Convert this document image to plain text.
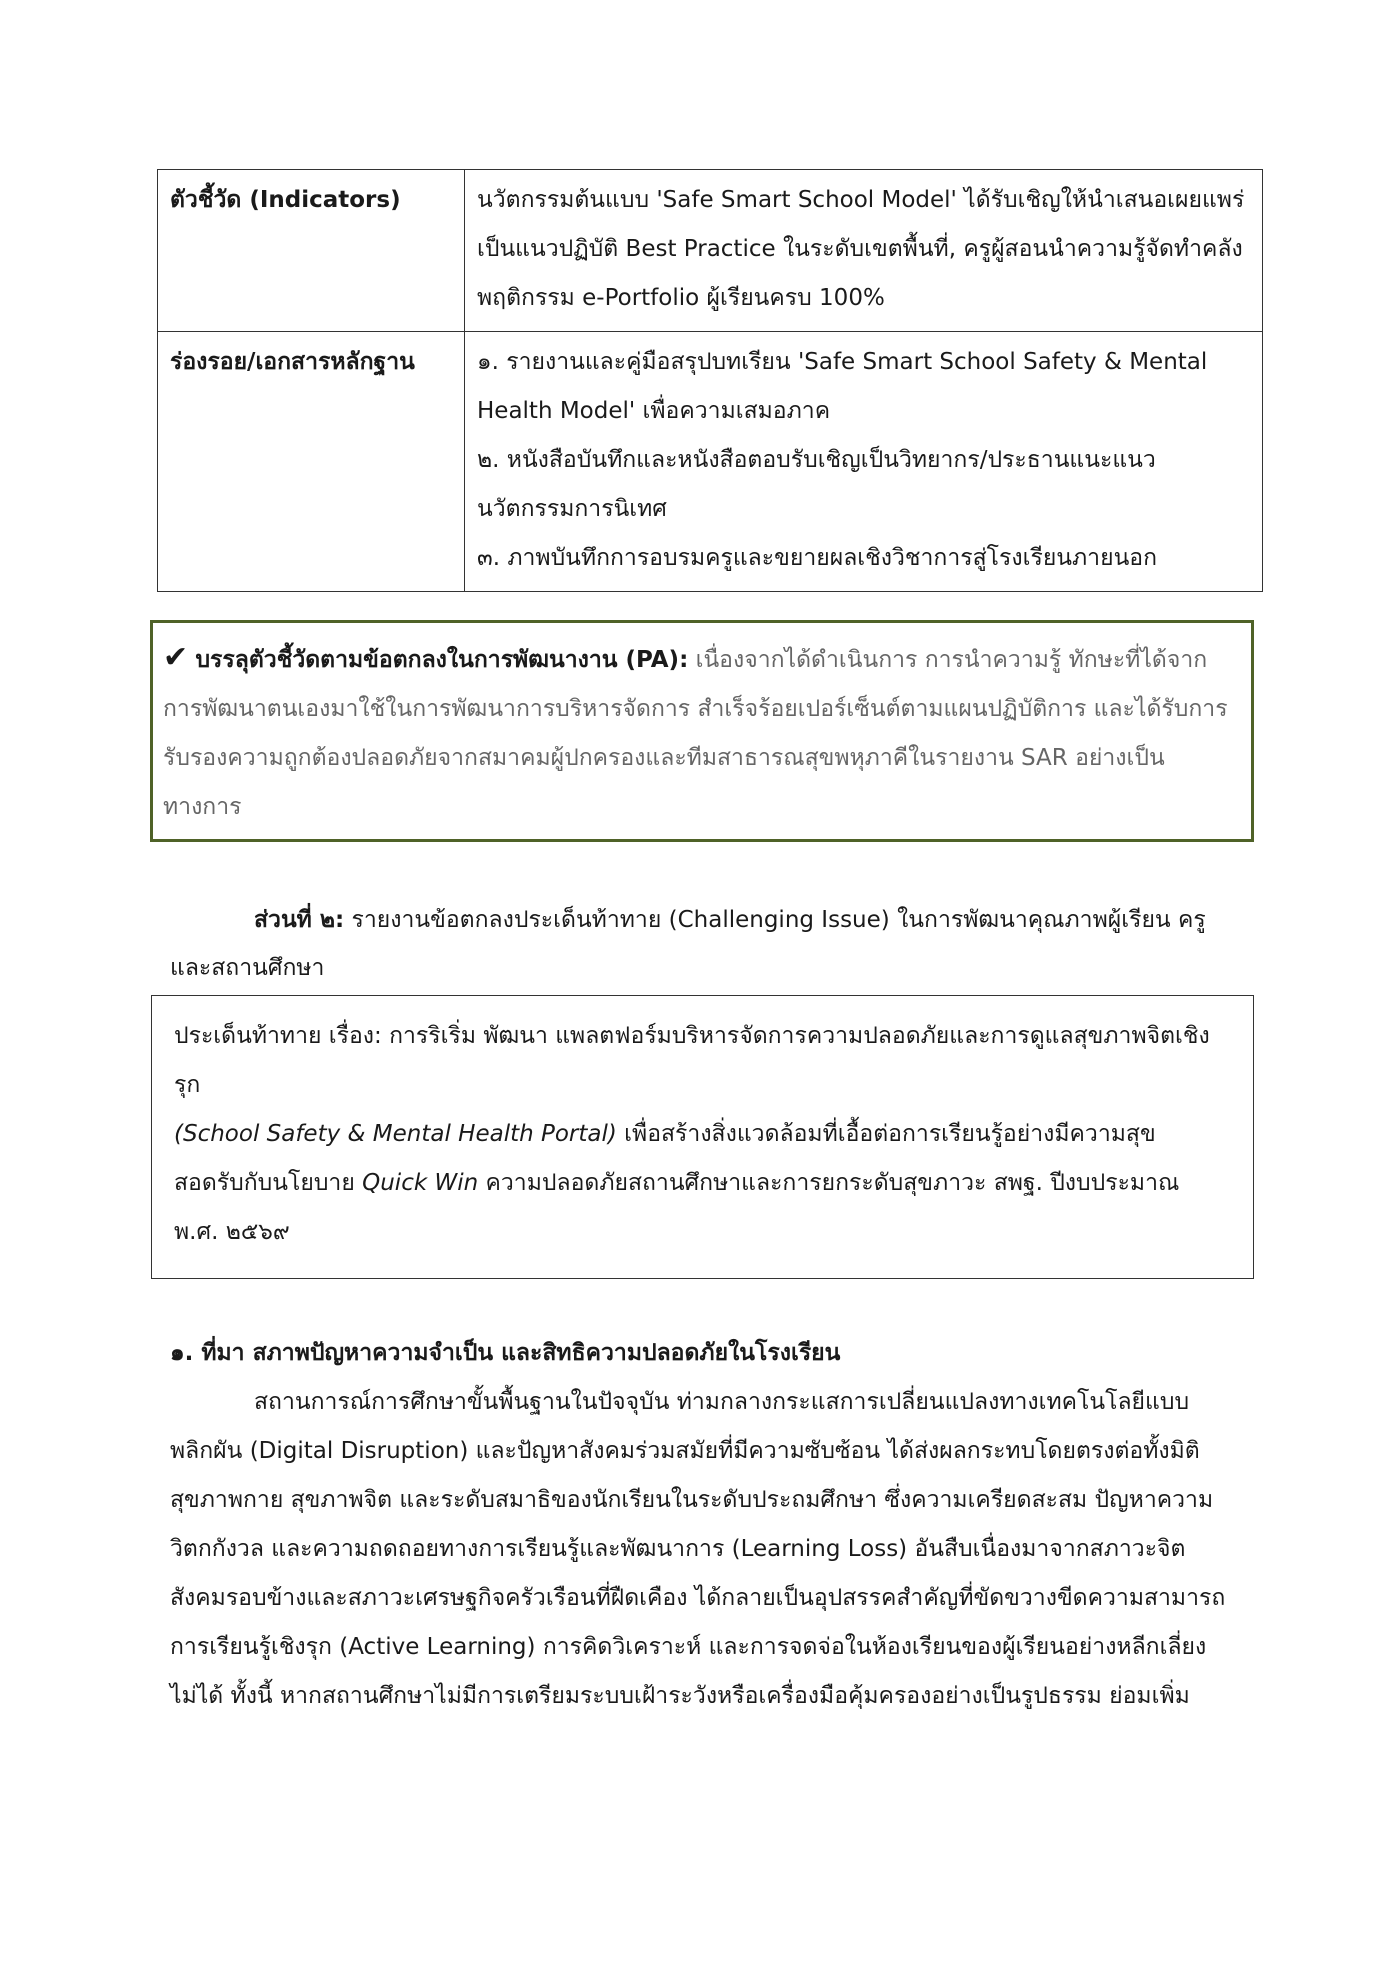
ตัวชี้วัด (Indicators)	นวัตกรรมต้นแบบ 'Safe Smart School Model' ได้รับเชิญให้นำเสนอเผยแพร่
เป็นแนวปฏิบัติ Best Practice ในระดับเขตพื้นที่, ครูผู้สอนนำความรู้จัดทำคลัง
พฤติกรรม e-Portfolio ผู้เรียนครบ 100%

ร่องรอย/เอกสารหลักฐาน	๑. รายงานและคู่มือสรุปบทเรียน 'Safe Smart School Safety & Mental
Health Model' เพื่อความเสมอภาค
๒. หนังสือบันทึกและหนังสือตอบรับเชิญเป็นวิทยากร/ประธานแนะแนว
นวัตกรรมการนิเทศ
๓. ภาพบันทึกการอบรมครูและขยายผลเชิงวิชาการสู่โรงเรียนภายนอก
✔ บรรลุตัวชี้วัดตามข้อตกลงในการพัฒนางาน (PA): เนื่องจากได้ดำเนินการ การนำความรู้ ทักษะที่ได้จาก
การพัฒนาตนเองมาใช้ในการพัฒนาการบริหารจัดการ สำเร็จร้อยเปอร์เซ็นต์ตามแผนปฏิบัติการ และได้รับการ
รับรองความถูกต้องปลอดภัยจากสมาคมผู้ปกครองและทีมสาธารณสุขพหุภาคีในรายงาน SAR อย่างเป็น
ทางการ
ส่วนที่ ๒: รายงานข้อตกลงประเด็นท้าทาย (Challenging Issue) ในการพัฒนาคุณภาพผู้เรียน ครู
และสถานศึกษา
ประเด็นท้าทาย เรื่อง: การริเริ่ม พัฒนา แพลตฟอร์มบริหารจัดการความปลอดภัยและการดูแลสุขภาพจิตเชิง
รุก
(School Safety & Mental Health Portal) เพื่อสร้างสิ่งแวดล้อมที่เอื้อต่อการเรียนรู้อย่างมีความสุข
สอดรับกับนโยบาย Quick Win ความปลอดภัยสถานศึกษาและการยกระดับสุขภาวะ สพฐ. ปีงบประมาณ
พ.ศ. ๒๕๖๙
๑. ที่มา สภาพปัญหาความจำเป็น และสิทธิความปลอดภัยในโรงเรียน
สถานการณ์การศึกษาขั้นพื้นฐานในปัจจุบัน ท่ามกลางกระแสการเปลี่ยนแปลงทางเทคโนโลยีแบบ
พลิกผัน (Digital Disruption) และปัญหาสังคมร่วมสมัยที่มีความซับซ้อน ได้ส่งผลกระทบโดยตรงต่อทั้งมิติ
สุขภาพกาย สุขภาพจิต และระดับสมาธิของนักเรียนในระดับประถมศึกษา ซึ่งความเครียดสะสม ปัญหาความ
วิตกกังวล และความถดถอยทางการเรียนรู้และพัฒนาการ (Learning Loss) อันสืบเนื่องมาจากสภาวะจิต
สังคมรอบข้างและสภาวะเศรษฐกิจครัวเรือนที่ฝืดเคือง ได้กลายเป็นอุปสรรคสำคัญที่ขัดขวางขีดความสามารถ
การเรียนรู้เชิงรุก (Active Learning) การคิดวิเคราะห์ และการจดจ่อในห้องเรียนของผู้เรียนอย่างหลีกเลี่ยง
ไม่ได้ ทั้งนี้ หากสถานศึกษาไม่มีการเตรียมระบบเฝ้าระวังหรือเครื่องมือคุ้มครองอย่างเป็นรูปธรรม ย่อมเพิ่ม
